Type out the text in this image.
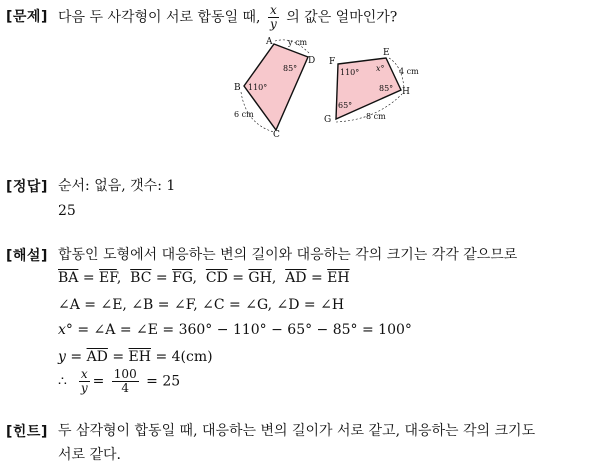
[문제] 다음 두 사각형이 서로 합동일 때, $\frac{x}{y}$ 의 값은 얼마인가?
A
B
C
D
y cm
6 cm
85°
110°
F
E
G
H
4 cm
8 cm
110° x°
85°
65°
[정답] 순서: 없음, 갯수: 1
25
[해설] 합동인 도형에서 대응하는 변의 길이와 대응하는 각의 크기는 각각 같으므로
$\overline{BA} = \overline{EF}$,  $\overline{BC} = \overline{FG}$,  $\overline{CD} = \overline{GH}$,  $\overline{AD} = \overline{EH}$
∠A = ∠E, ∠B = ∠F, ∠C = ∠G, ∠D = ∠H
x° = ∠A = ∠E = 360° − 110° − 65° − 85° = 100°
$y = \overline{AD} = \overline{EH} = 4(cm)$
∴ $\frac{x}{y} = \frac{100}{4} = 25$
[힌트] 두 삼각형이 합동일 때, 대응하는 변의 길이가 서로 같고, 대응하는 각의 크기도
서로 같다.
